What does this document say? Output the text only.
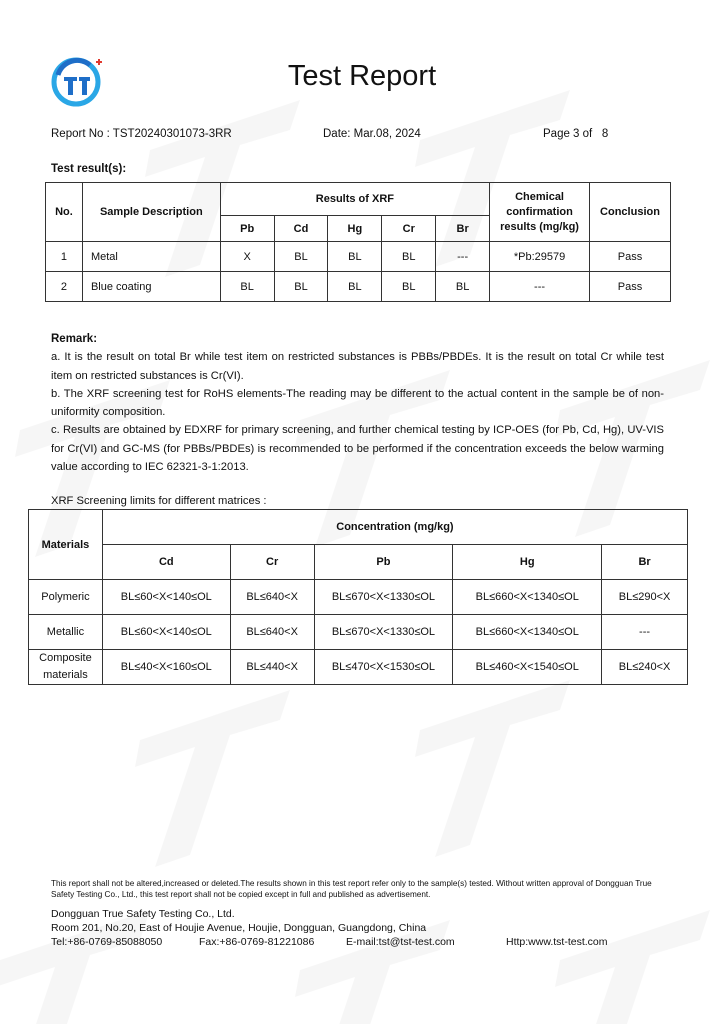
Test Report
Report No : TST20240301073-3RR	Date: Mar.08, 2024	Page 3 of 8
Test result(s):
No.	Sample Description	Results of XRF					Chemical confirmation results (mg/kg)	Conclusion
		Pb	Cd	Hg	Cr	Br		
1	Metal	X	BL	BL	BL	---	*Pb:29579	Pass
2	Blue coating	BL	BL	BL	BL	BL	---	Pass

Remark:

a. It is the result on total Br while test item on restricted substances is PBBs/PBDEs. It is the result on total Cr while test item on restricted substances is Cr(VI).

b. The XRF screening test for RoHS elements-The reading may be different to the actual content in the sample be of non-uniformity composition.

c. Results are obtained by EDXRF for primary screening, and further chemical testing by ICP-OES (for Pb, Cd, Hg), UV-VIS for Cr(VI) and GC-MS (for PBBs/PBDEs) is recommended to be performed if the concentration exceeds the below warming value according to IEC 62321-3-1:2013.

XRF Screening limits for different matrices :
Materials	Concentration (mg/kg)				
	Cd	Cr	Pb	Hg	Br
Polymeric	BL≤60<X<140≤OL	BL≤640<X	BL≤670<X<1330≤OL	BL≤660<X<1340≤OL	BL≤290<X
Metallic	BL≤60<X<140≤OL	BL≤640<X	BL≤670<X<1330≤OL	BL≤660<X<1340≤OL	---
Composite materials	BL≤40<X<160≤OL	BL≤440<X	BL≤470<X<1530≤OL	BL≤460<X<1540≤OL	BL≤240<X
This report shall not be altered,increased or deleted.The results shown in this test report refer only to the sample(s) tested. Without written approval of Dongguan True Safety Testing Co., Ltd., this test report shall not be copied except in full and published as advertisement.
Dongguan True Safety Testing Co., Ltd.
Room 201, No.20, East of Houjie Avenue, Houjie, Dongguan, Guangdong, China
Tel:+86-0769-85088050	Fax:+86-0769-81221086	E-mail:tst@tst-test.com	Http:www.tst-test.com
